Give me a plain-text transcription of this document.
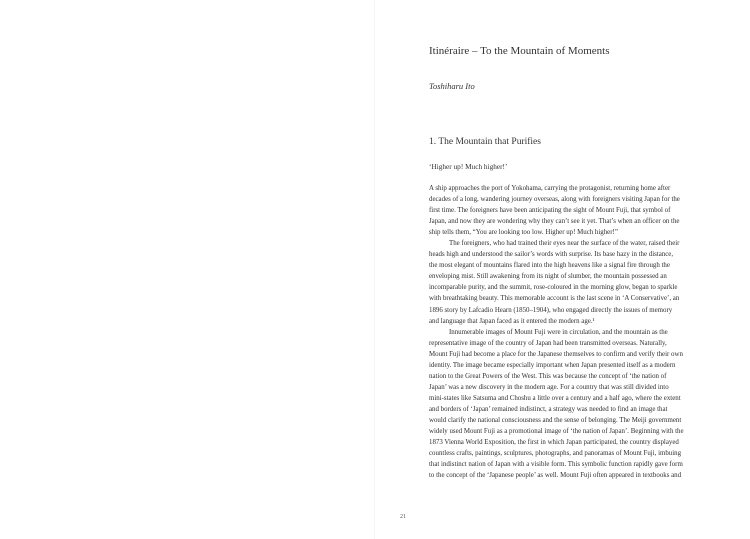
Itinéraire – To the Mountain of Moments
Toshiharu Ito
1. The Mountain that Purifies
‘Higher up! Much higher!’
A ship approaches the port of Yokohama, carrying the protagonist, returning home after
decades of a long, wandering journey overseas, along with foreigners visiting Japan for the
first time. The foreigners have been anticipating the sight of Mount Fuji, that symbol of
Japan, and now they are wondering why they can’t see it yet. That’s when an officer on the
ship tells them, “You are looking too low. Higher up! Much higher!”
The foreigners, who had trained their eyes near the surface of the water, raised their
heads high and understood the sailor’s words with surprise. Its base hazy in the distance,
the most elegant of mountains flared into the high heavens like a signal fire through the
enveloping mist. Still awakening from its night of slumber, the mountain possessed an
incomparable purity, and the summit, rose-coloured in the morning glow, began to sparkle
with breathtaking beauty. This memorable account is the last scene in ‘A Conservative’, an
1896 story by Lafcadio Hearn (1850–1904), who engaged directly the issues of memory
and language that Japan faced as it entered the modern age.¹
Innumerable images of Mount Fuji were in circulation, and the mountain as the
representative image of the country of Japan had been transmitted overseas. Naturally,
Mount Fuji had become a place for the Japanese themselves to confirm and verify their own
identity. The image became especially important when Japan presented itself as a modern
nation to the Great Powers of the West. This was because the concept of ‘the nation of
Japan’ was a new discovery in the modern age. For a country that was still divided into
mini-states like Satsuma and Choshu a little over a century and a half ago, where the extent
and borders of ‘Japan’ remained indistinct, a strategy was needed to find an image that
would clarify the national consciousness and the sense of belonging. The Meiji government
widely used Mount Fuji as a promotional image of ‘the nation of Japan’. Beginning with the
1873 Vienna World Exposition, the first in which Japan participated, the country displayed
countless crafts, paintings, sculptures, photographs, and panoramas of Mount Fuji, imbuing
that indistinct nation of Japan with a visible form. This symbolic function rapidly gave form
to the concept of the ‘Japanese people’ as well. Mount Fuji often appeared in textbooks and
21
